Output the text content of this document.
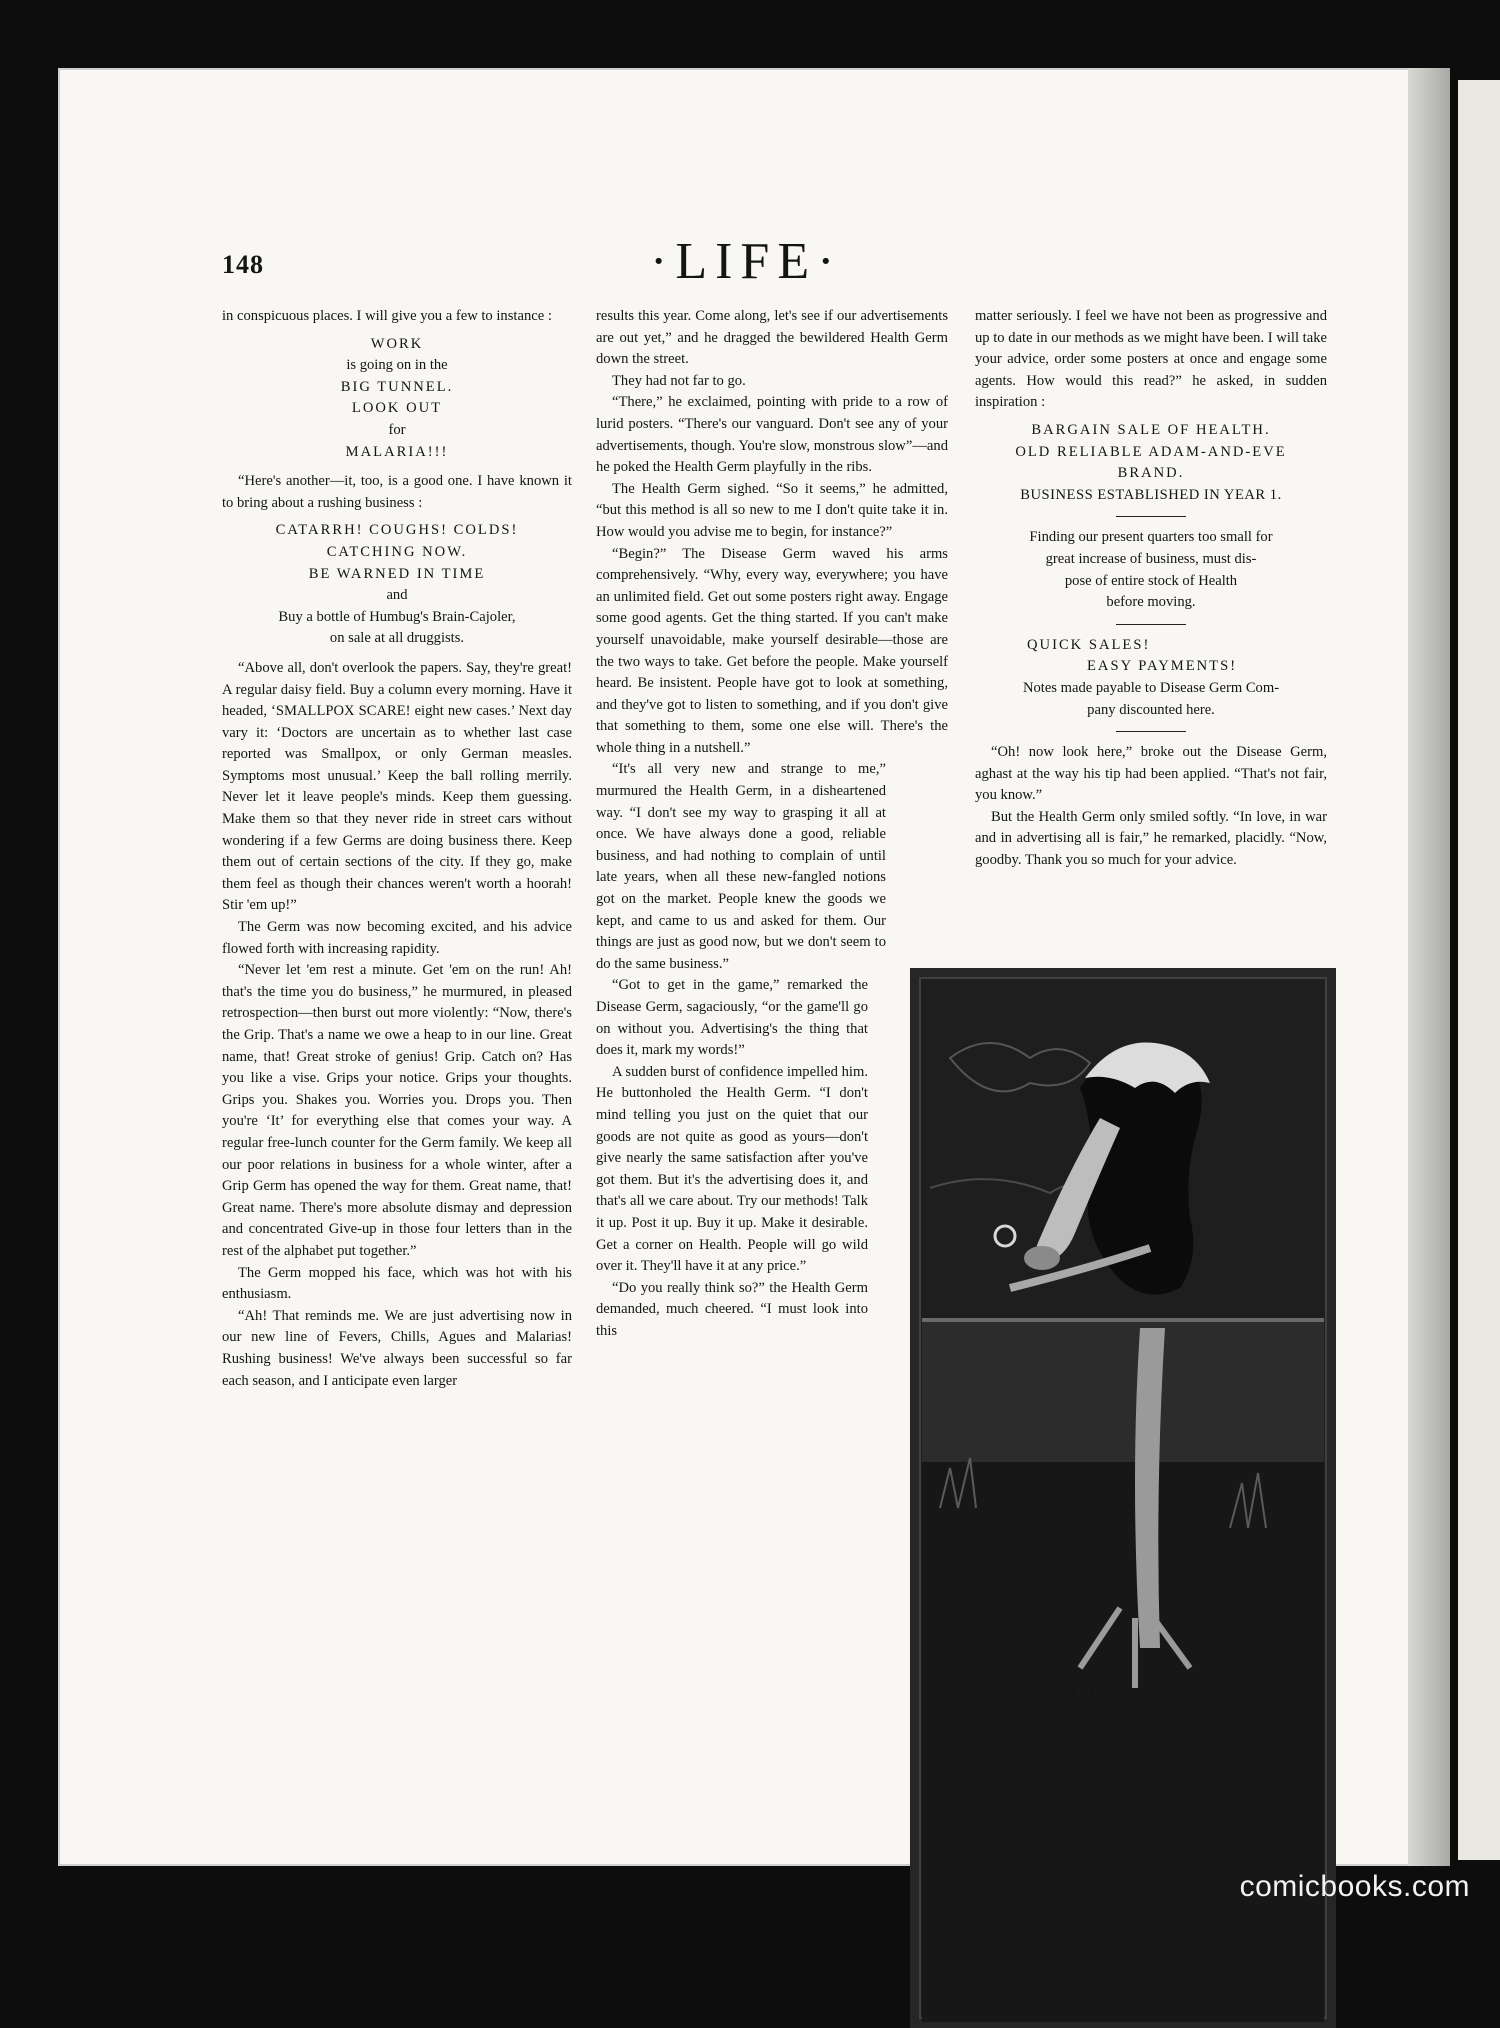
148	·LIFE·

in conspicuous places. I will give you a few to instance :

WORK
is going on in the
BIG TUNNEL.
LOOK OUT
for
MALARIA!!!

“Here's another—it, too, is a good one. I have known it to bring about a rushing business :

CATARRH! COUGHS! COLDS!
CATCHING NOW.
BE WARNED IN TIME
and
Buy a bottle of Humbug's Brain-Cajoler,
on sale at all druggists.

“Above all, don't overlook the papers. Say, they're great! A regular daisy field. Buy a column every morning. Have it headed, ‘SMALLPOX SCARE! eight new cases.’ Next day vary it: ‘Doctors are uncertain as to whether last case reported was Smallpox, or only German measles. Symptoms most unusual.’ Keep the ball rolling merrily. Never let it leave people's minds. Keep them guessing. Make them so that they never ride in street cars without wondering if a few Germs are doing business there. Keep them out of certain sections of the city. If they go, make them feel as though their chances weren't worth a hoorah! Stir 'em up!”

The Germ was now becoming excited, and his advice flowed forth with increasing rapidity.

“Never let 'em rest a minute. Get 'em on the run! Ah! that's the time you do business,” he murmured, in pleased retrospection—then burst out more violently: “Now, there's the Grip. That's a name we owe a heap to in our line. Great name, that! Great stroke of genius! Grip. Catch on? Has you like a vise. Grips your notice. Grips your thoughts. Grips you. Shakes you. Worries you. Drops you. Then you're ‘It’ for everything else that comes your way. A regular free-lunch counter for the Germ family. We keep all our poor relations in business for a whole winter, after a Grip Germ has opened the way for them. Great name, that! Great name. There's more absolute dismay and depression and concentrated Give-up in those four letters than in the rest of the alphabet put together.”

The Germ mopped his face, which was hot with his enthusiasm.

“Ah! That reminds me. We are just advertising now in our new line of Fevers, Chills, Agues and Malarias! Rushing business! We've always been successful so far each season, and I anticipate even larger

results this year. Come along, let's see if our advertisements are out yet,” and he dragged the bewildered Health Germ down the street.

They had not far to go.

“There,” he exclaimed, pointing with pride to a row of lurid posters. “There's our vanguard. Don't see any of your advertisements, though. You're slow, monstrous slow”—and he poked the Health Germ playfully in the ribs.

The Health Germ sighed. “So it seems,” he admitted, “but this method is all so new to me I don't quite take it in. How would you advise me to begin, for instance?”

“Begin?” The Disease Germ waved his arms comprehensively. “Why, every way, everywhere; you have an unlimited field. Get out some posters right away. Engage some good agents. Get the thing started. If you can't make yourself unavoidable, make yourself desirable—those are the two ways to take. Get before the people. Make yourself heard. Be insistent. People have got to look at something, and they've got to listen to something, and if you don't give that something to them, some one else will. There's the whole thing in a nutshell.”

“It's all very new and strange to me,” murmured the Health Germ, in a disheartened way. “I don't see my way to grasping it all at once. We have always done a good, reliable business, and had nothing to complain of until late years, when all these new-fangled notions got on the market. People knew the goods we kept, and came to us and asked for them. Our things are just as good now, but we don't seem to do the same business.”

“Got to get in the game,” remarked the Disease Germ, sagaciously, “or the game'll go on without you. Advertising's the thing that does it, mark my words!”

A sudden burst of confidence impelled him. He buttonholed the Health Germ. “I don't mind telling you just on the quiet that our goods are not quite as good as yours—don't give nearly the same satisfaction after you've got them. But it's the advertising does it, and that's all we care about. Try our methods! Talk it up. Post it up. Buy it up. Make it desirable. Get a corner on Health. People will go wild over it. They'll have it at any price.”

“Do you really think so?” the Health Germ demanded, much cheered. “I must look into this

matter seriously. I feel we have not been as progressive and up to date in our methods as we might have been. I will take your advice, order some posters at once and engage some agents. How would this read?” he asked, in sudden inspiration :

BARGAIN SALE OF HEALTH.
OLD RELIABLE ADAM-AND-EVE
BRAND.
BUSINESS ESTABLISHED IN YEAR 1.
Finding our present quarters too small for
great increase of business, must dis-
pose of entire stock of Health
before moving.
QUICK SALES!
EASY PAYMENTS!
Notes made payable to Disease Germ Com-
pany discounted here.

“Oh! now look here,” broke out the Disease Germ, aghast at the way his tip had been applied. “That's not fair, you know.”

But the Health Germ only smiled softly. “In love, in war and in advertising all is fair,” he remarked, placidly. “Now, goodby. Thank you so much for your advice.

ENGAGED.
comicbooks.com
